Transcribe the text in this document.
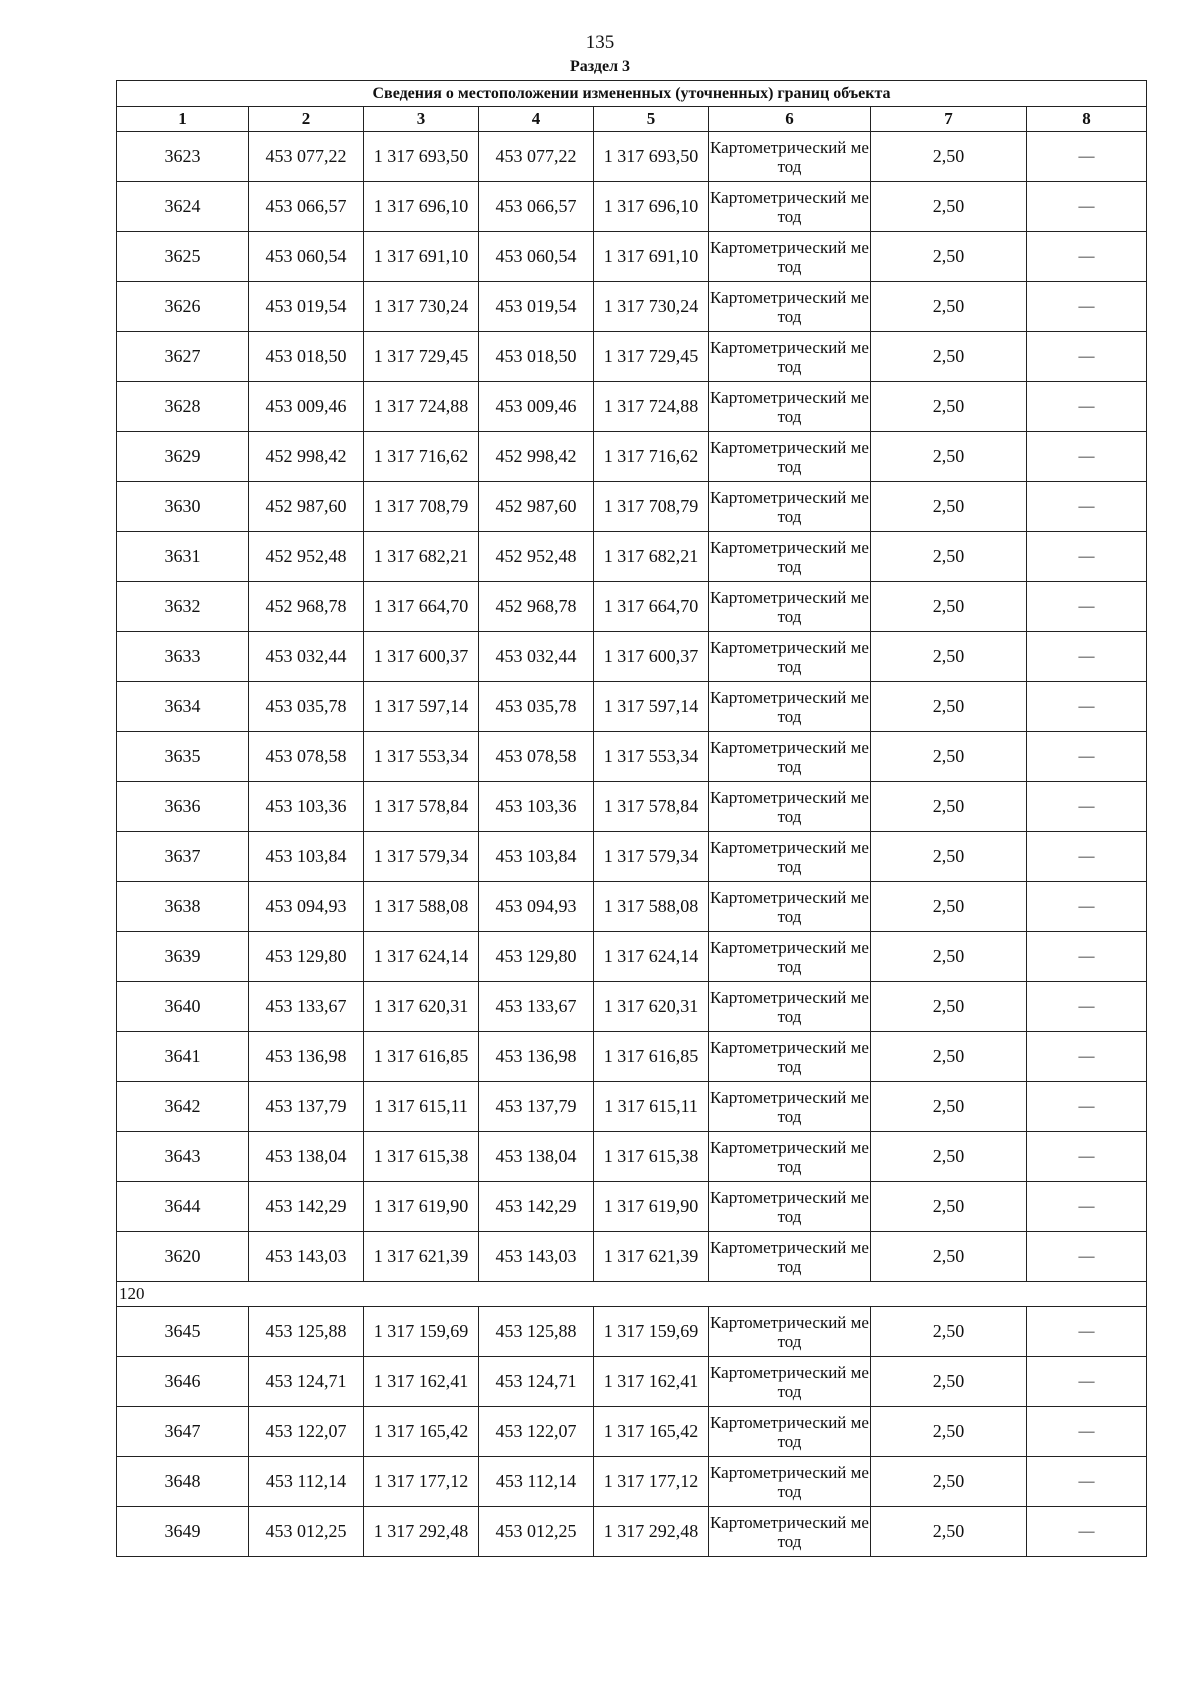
135
Раздел 3
Сведения о местоположении измененных (уточненных) границ объекта							
1	2	3	4	5	6	7	8
3623	453 077,22	1 317 693,50	453 077,22	1 317 693,50	Картометрический метод	2,50	—
3624	453 066,57	1 317 696,10	453 066,57	1 317 696,10	Картометрический метод	2,50	—
3625	453 060,54	1 317 691,10	453 060,54	1 317 691,10	Картометрический метод	2,50	—
3626	453 019,54	1 317 730,24	453 019,54	1 317 730,24	Картометрический метод	2,50	—
3627	453 018,50	1 317 729,45	453 018,50	1 317 729,45	Картометрический метод	2,50	—
3628	453 009,46	1 317 724,88	453 009,46	1 317 724,88	Картометрический метод	2,50	—
3629	452 998,42	1 317 716,62	452 998,42	1 317 716,62	Картометрический метод	2,50	—
3630	452 987,60	1 317 708,79	452 987,60	1 317 708,79	Картометрический метод	2,50	—
3631	452 952,48	1 317 682,21	452 952,48	1 317 682,21	Картометрический метод	2,50	—
3632	452 968,78	1 317 664,70	452 968,78	1 317 664,70	Картометрический метод	2,50	—
3633	453 032,44	1 317 600,37	453 032,44	1 317 600,37	Картометрический метод	2,50	—
3634	453 035,78	1 317 597,14	453 035,78	1 317 597,14	Картометрический метод	2,50	—
3635	453 078,58	1 317 553,34	453 078,58	1 317 553,34	Картометрический метод	2,50	—
3636	453 103,36	1 317 578,84	453 103,36	1 317 578,84	Картометрический метод	2,50	—
3637	453 103,84	1 317 579,34	453 103,84	1 317 579,34	Картометрический метод	2,50	—
3638	453 094,93	1 317 588,08	453 094,93	1 317 588,08	Картометрический метод	2,50	—
3639	453 129,80	1 317 624,14	453 129,80	1 317 624,14	Картометрический метод	2,50	—
3640	453 133,67	1 317 620,31	453 133,67	1 317 620,31	Картометрический метод	2,50	—
3641	453 136,98	1 317 616,85	453 136,98	1 317 616,85	Картометрический метод	2,50	—
3642	453 137,79	1 317 615,11	453 137,79	1 317 615,11	Картометрический метод	2,50	—
3643	453 138,04	1 317 615,38	453 138,04	1 317 615,38	Картометрический метод	2,50	—
3644	453 142,29	1 317 619,90	453 142,29	1 317 619,90	Картометрический метод	2,50	—
3620	453 143,03	1 317 621,39	453 143,03	1 317 621,39	Картометрический метод	2,50	—
120							
3645	453 125,88	1 317 159,69	453 125,88	1 317 159,69	Картометрический метод	2,50	—
3646	453 124,71	1 317 162,41	453 124,71	1 317 162,41	Картометрический метод	2,50	—
3647	453 122,07	1 317 165,42	453 122,07	1 317 165,42	Картометрический метод	2,50	—
3648	453 112,14	1 317 177,12	453 112,14	1 317 177,12	Картометрический метод	2,50	—
3649	453 012,25	1 317 292,48	453 012,25	1 317 292,48	Картометрический метод	2,50	—
